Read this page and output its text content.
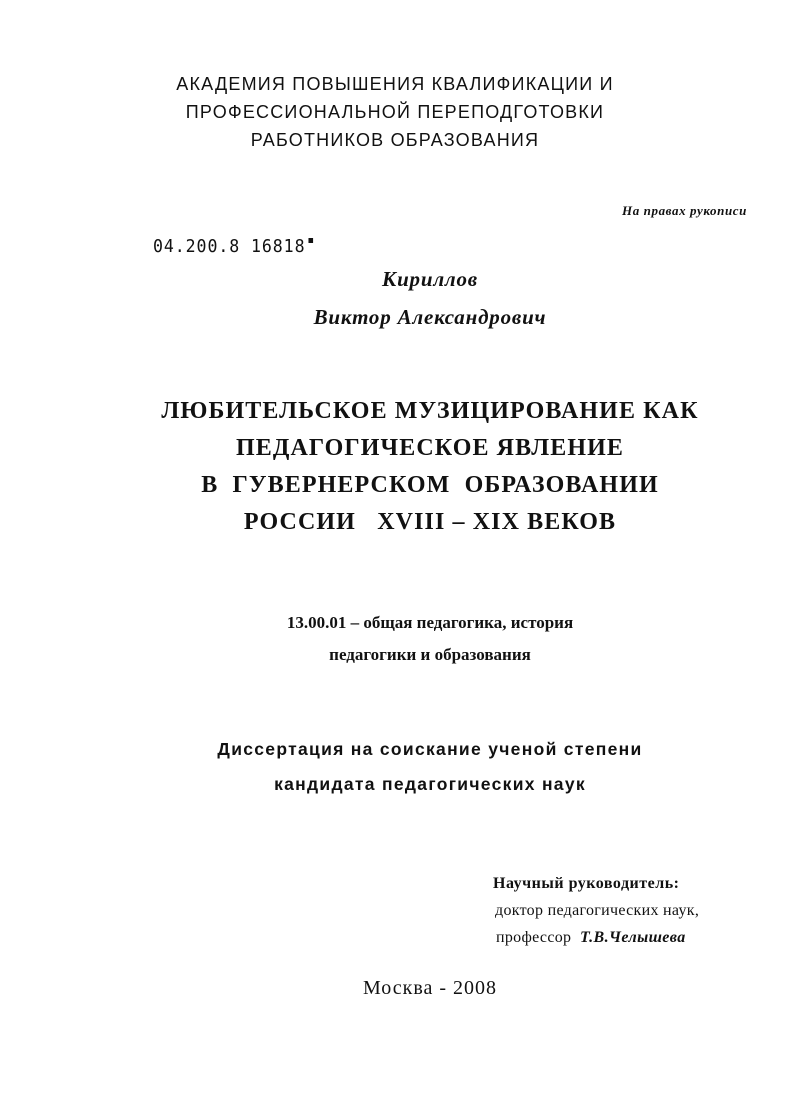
АКАДЕМИЯ ПОВЫШЕНИЯ КВАЛИФИКАЦИИ И
ПРОФЕССИОНАЛЬНОЙ ПЕРЕПОДГОТОВКИ
РАБОТНИКОВ ОБРАЗОВАНИЯ
На правах рукописи
04.200.8 16818
Кириллов
Виктор Александрович
ЛЮБИТЕЛЬСКОЕ МУЗИЦИРОВАНИЕ КАК
ПЕДАГОГИЧЕСКОЕ ЯВЛЕНИЕ
В  ГУВЕРНЕРСКОМ  ОБРАЗОВАНИИ
РОССИИ   XVIII – XIX ВЕКОВ
13.00.01 – общая педагогика, история
педагогики и образования
Диссертация на соискание ученой степени
кандидата педагогических наук
Научный руководитель:
доктор педагогических наук,
профессор Т.В.Челышева
Москва - 2008
